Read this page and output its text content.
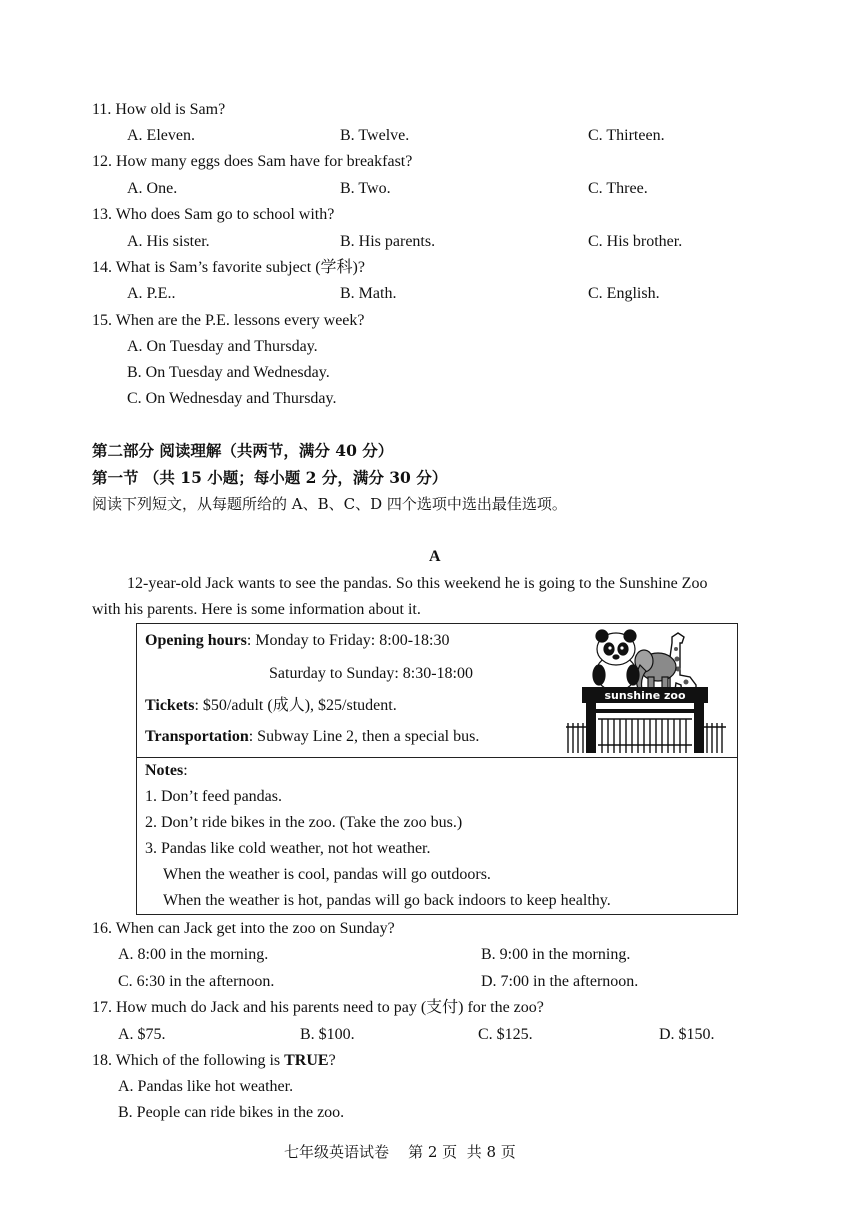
11. How old is Sam?
A. Eleven.	B. Twelve.	C. Thirteen.
12. How many eggs does Sam have for breakfast?
A. One.	B. Two.	C. Three.
13. Who does Sam go to school with?
A. His sister.	B. His parents.	C. His brother.
14. What is Sam’s favorite subject (学科)?
A. P.E..	B. Math.	C. English.
15. When are the P.E. lessons every week?
A. On Tuesday and Thursday.
B. On Tuesday and Wednesday.
C. On Wednesday and Thursday.
第二部分 阅读理解（共两节，满分 40 分）
第一节 （共 15 小题；每小题 2 分，满分 30 分）
阅读下列短文，从每题所给的 A、B、C、D 四个选项中选出最佳选项。
A
12-year-old Jack wants to see the pandas. So this weekend he is going to the Sunshine Zoo
with his parents. Here is some information about it.
Opening hours: Monday to Friday: 8:00-18:30
Saturday to Sunday: 8:30-18:00
Tickets: $50/adult (成人), $25/student.
Transportation: Subway Line 2, then a special bus.
sunshine zoo
Notes:
1. Don’t feed pandas.
2. Don’t ride bikes in the zoo. (Take the zoo bus.)
3. Pandas like cold weather, not hot weather.
When the weather is cool, pandas will go outdoors.
When the weather is hot, pandas will go back indoors to keep healthy.
16. When can Jack get into the zoo on Sunday?
A. 8:00 in the morning.	B. 9:00 in the morning.
C. 6:30 in the afternoon.	D. 7:00 in the afternoon.
17. How much do Jack and his parents need to pay (支付) for the zoo?
A. $75.	B. $100.	C. $125.	D. $150.
18. Which of the following is TRUE?
A. Pandas like hot weather.
B. People can ride bikes in the zoo.
七年级英语试卷    第 2 页  共 8 页
